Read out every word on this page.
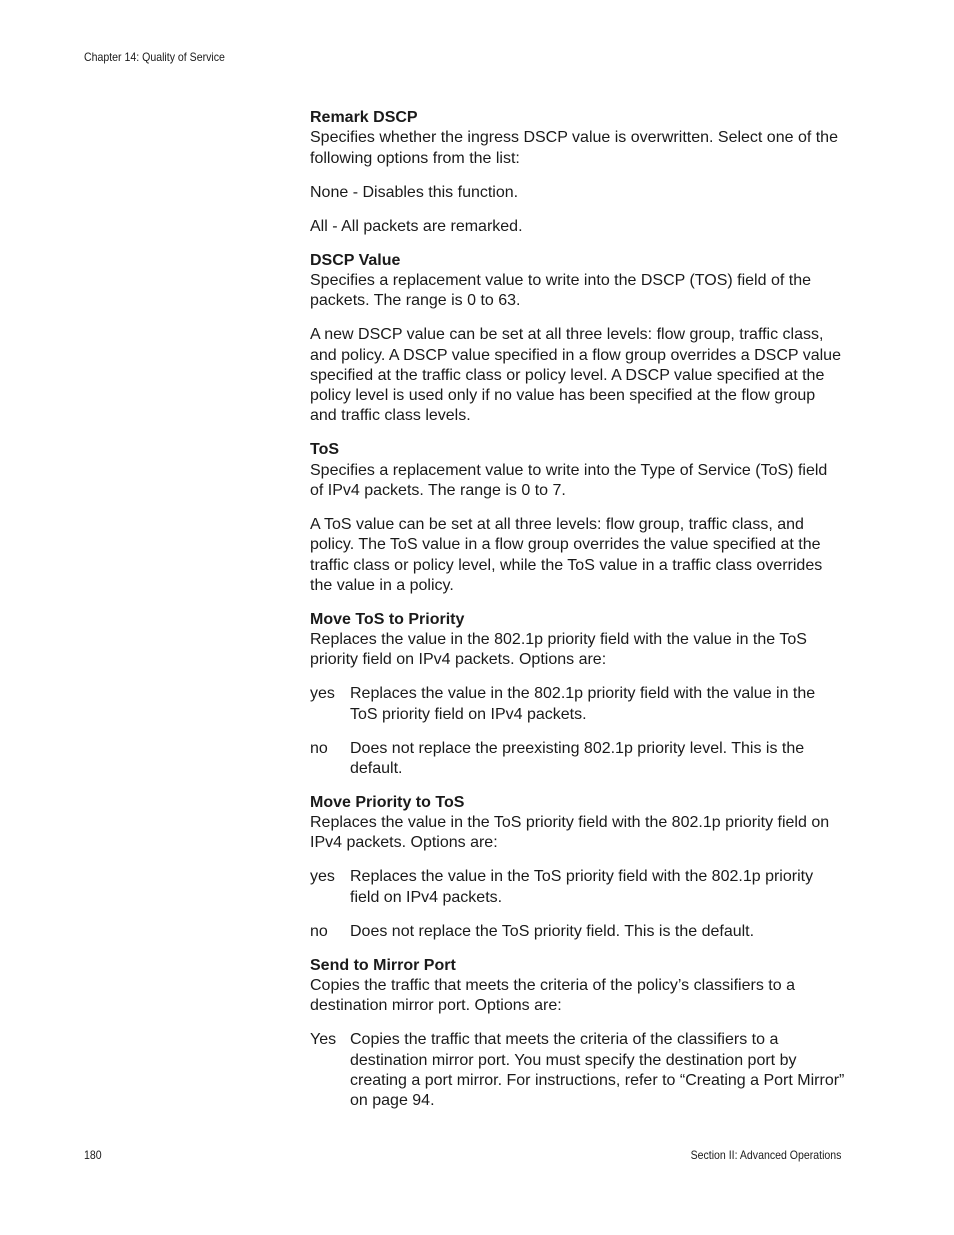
Chapter 14: Quality of Service
Remark DSCP

Specifies whether the ingress DSCP value is overwritten. Select one of the following options from the list:

None - Disables this function.

All - All packets are remarked.

DSCP Value

Specifies a replacement value to write into the DSCP (TOS) field of the packets. The range is 0 to 63.

A new DSCP value can be set at all three levels: flow group, traffic class, and policy. A DSCP value specified in a flow group overrides a DSCP value specified at the traffic class or policy level. A DSCP value specified at the policy level is used only if no value has been specified at the flow group and traffic class levels.

ToS

Specifies a replacement value to write into the Type of Service (ToS) field of IPv4 packets. The range is 0 to 7.

A ToS value can be set at all three levels: flow group, traffic class, and policy. The ToS value in a flow group overrides the value specified at the traffic class or policy level, while the ToS value in a traffic class overrides the value in a policy.

Move ToS to Priority

Replaces the value in the 802.1p priority field with the value in the ToS priority field on IPv4 packets. Options are:

yes Replaces the value in the 802.1p priority field with the value in the ToS priority field on IPv4 packets.
no	Does not replace the preexisting 802.1p priority level. This is the default.
Move Priority to ToS

Replaces the value in the ToS priority field with the 802.1p priority field on IPv4 packets. Options are:

yes Replaces the value in the ToS priority field with the 802.1p priority field on IPv4 packets.
no	Does not replace the ToS priority field. This is the default.
Send to Mirror Port

Copies the traffic that meets the criteria of the policy’s classifiers to a destination mirror port. Options are:

Yes Copies the traffic that meets the criteria of the classifiers to a destination mirror port. You must specify the destination port by creating a port mirror. For instructions, refer to “Creating a Port Mirror” on page 94.
180	Section II: Advanced Operations
